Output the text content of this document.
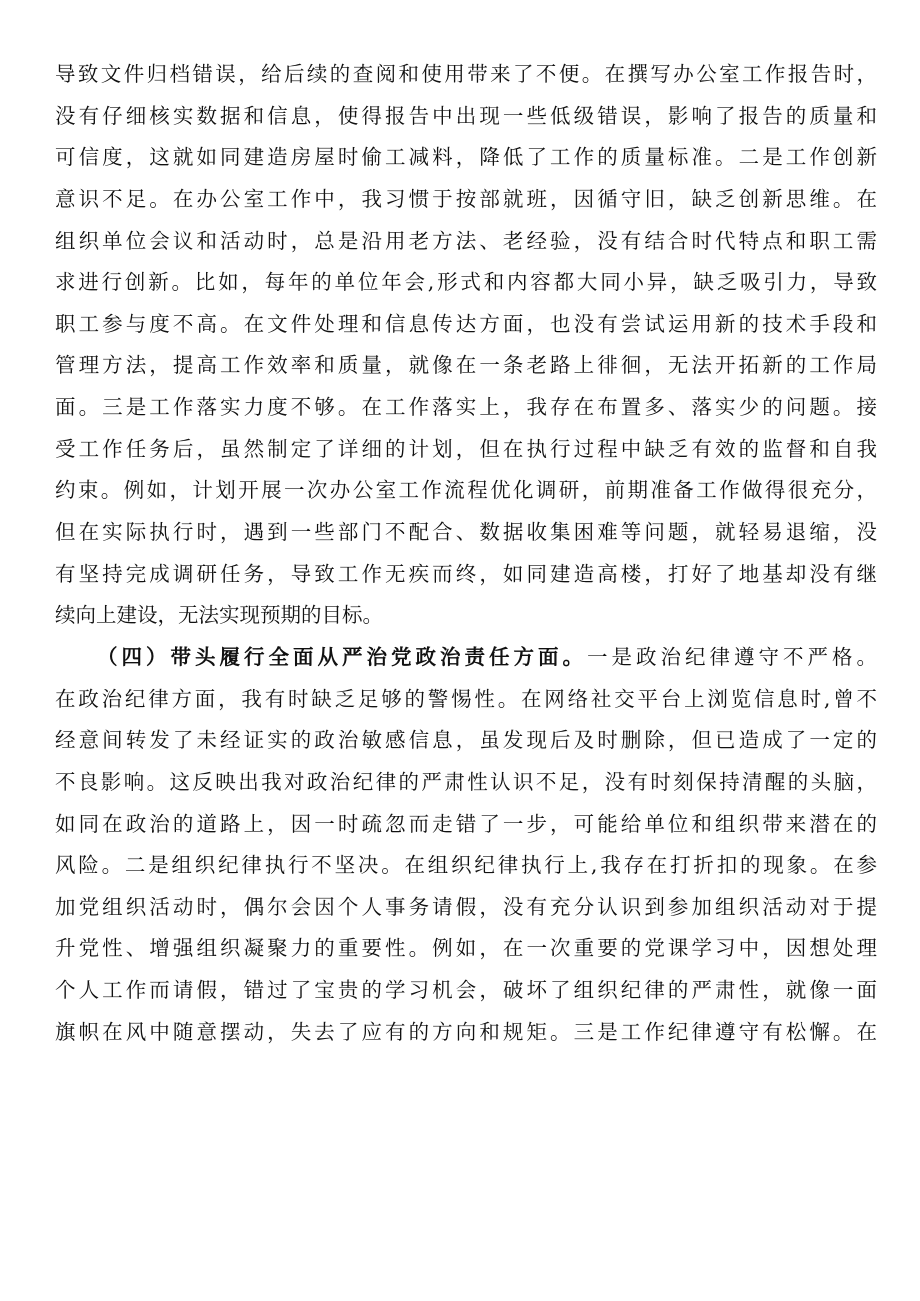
导致文件归档错误，给后续的查阅和使用带来了不便。在撰写办公室工作报告时，
没有仔细核实数据和信息，使得报告中出现一些低级错误，影响了报告的质量和
可信度，这就如同建造房屋时偷工减料，降低了工作的质量标准。二是工作创新
意识不足。在办公室工作中，我习惯于按部就班，因循守旧，缺乏创新思维。在
组织单位会议和活动时，总是沿用老方法、老经验，没有结合时代特点和职工需
求进行创新。比如，每年的单位年会,形式和内容都大同小异，缺乏吸引力，导致
职工参与度不高。在文件处理和信息传达方面，也没有尝试运用新的技术手段和
管理方法，提高工作效率和质量，就像在一条老路上徘徊，无法开拓新的工作局
面。三是工作落实力度不够。在工作落实上，我存在布置多、落实少的问题。接
受工作任务后，虽然制定了详细的计划，但在执行过程中缺乏有效的监督和自我
约束。例如，计划开展一次办公室工作流程优化调研，前期准备工作做得很充分，
但在实际执行时，遇到一些部门不配合、数据收集困难等问题，就轻易退缩，没
有坚持完成调研任务，导致工作无疾而终，如同建造高楼，打好了地基却没有继
续向上建设，无法实现预期的目标。
（四）带头履行全面从严治党政治责任方面。一是政治纪律遵守不严格。
在政治纪律方面，我有时缺乏足够的警惕性。在网络社交平台上浏览信息时,曾不
经意间转发了未经证实的政治敏感信息，虽发现后及时删除，但已造成了一定的
不良影响。这反映出我对政治纪律的严肃性认识不足，没有时刻保持清醒的头脑，
如同在政治的道路上，因一时疏忽而走错了一步，可能给单位和组织带来潜在的
风险。二是组织纪律执行不坚决。在组织纪律执行上,我存在打折扣的现象。在参
加党组织活动时，偶尔会因个人事务请假，没有充分认识到参加组织活动对于提
升党性、增强组织凝聚力的重要性。例如，在一次重要的党课学习中，因想处理
个人工作而请假，错过了宝贵的学习机会，破坏了组织纪律的严肃性，就像一面
旗帜在风中随意摆动，失去了应有的方向和规矩。三是工作纪律遵守有松懈。在
